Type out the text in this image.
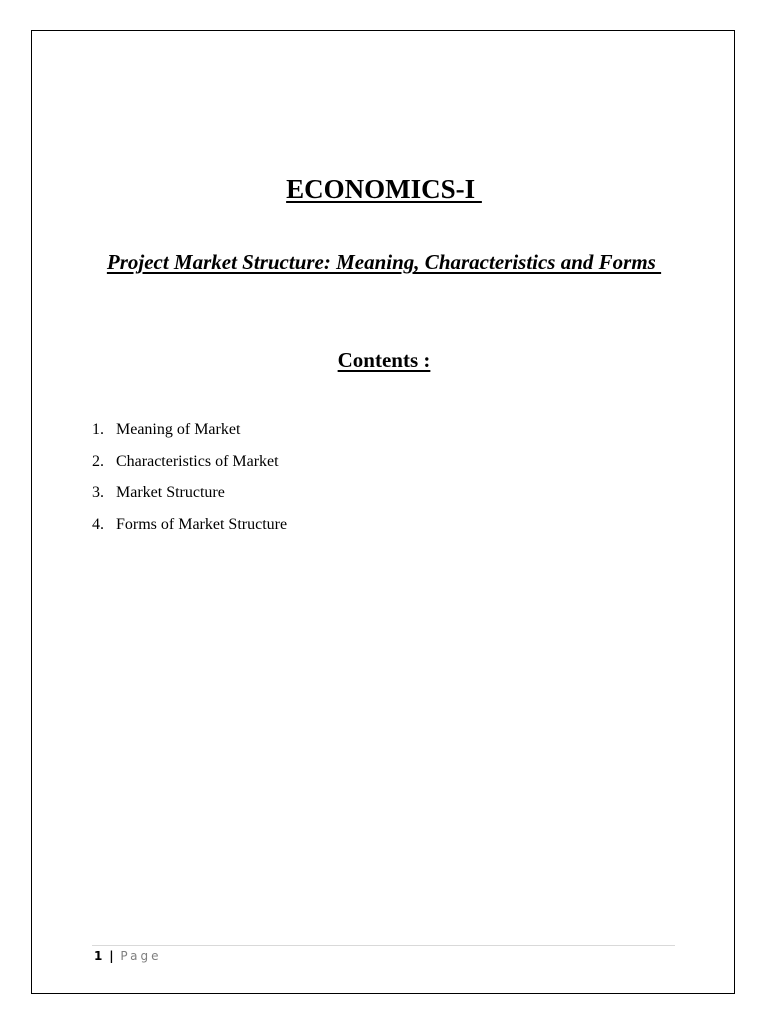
ECONOMICS-I
Project Market Structure: Meaning, Characteristics and Forms
Contents :
1. Meaning of Market
2. Characteristics of Market
3. Market Structure
4. Forms of Market Structure
1 | Page
